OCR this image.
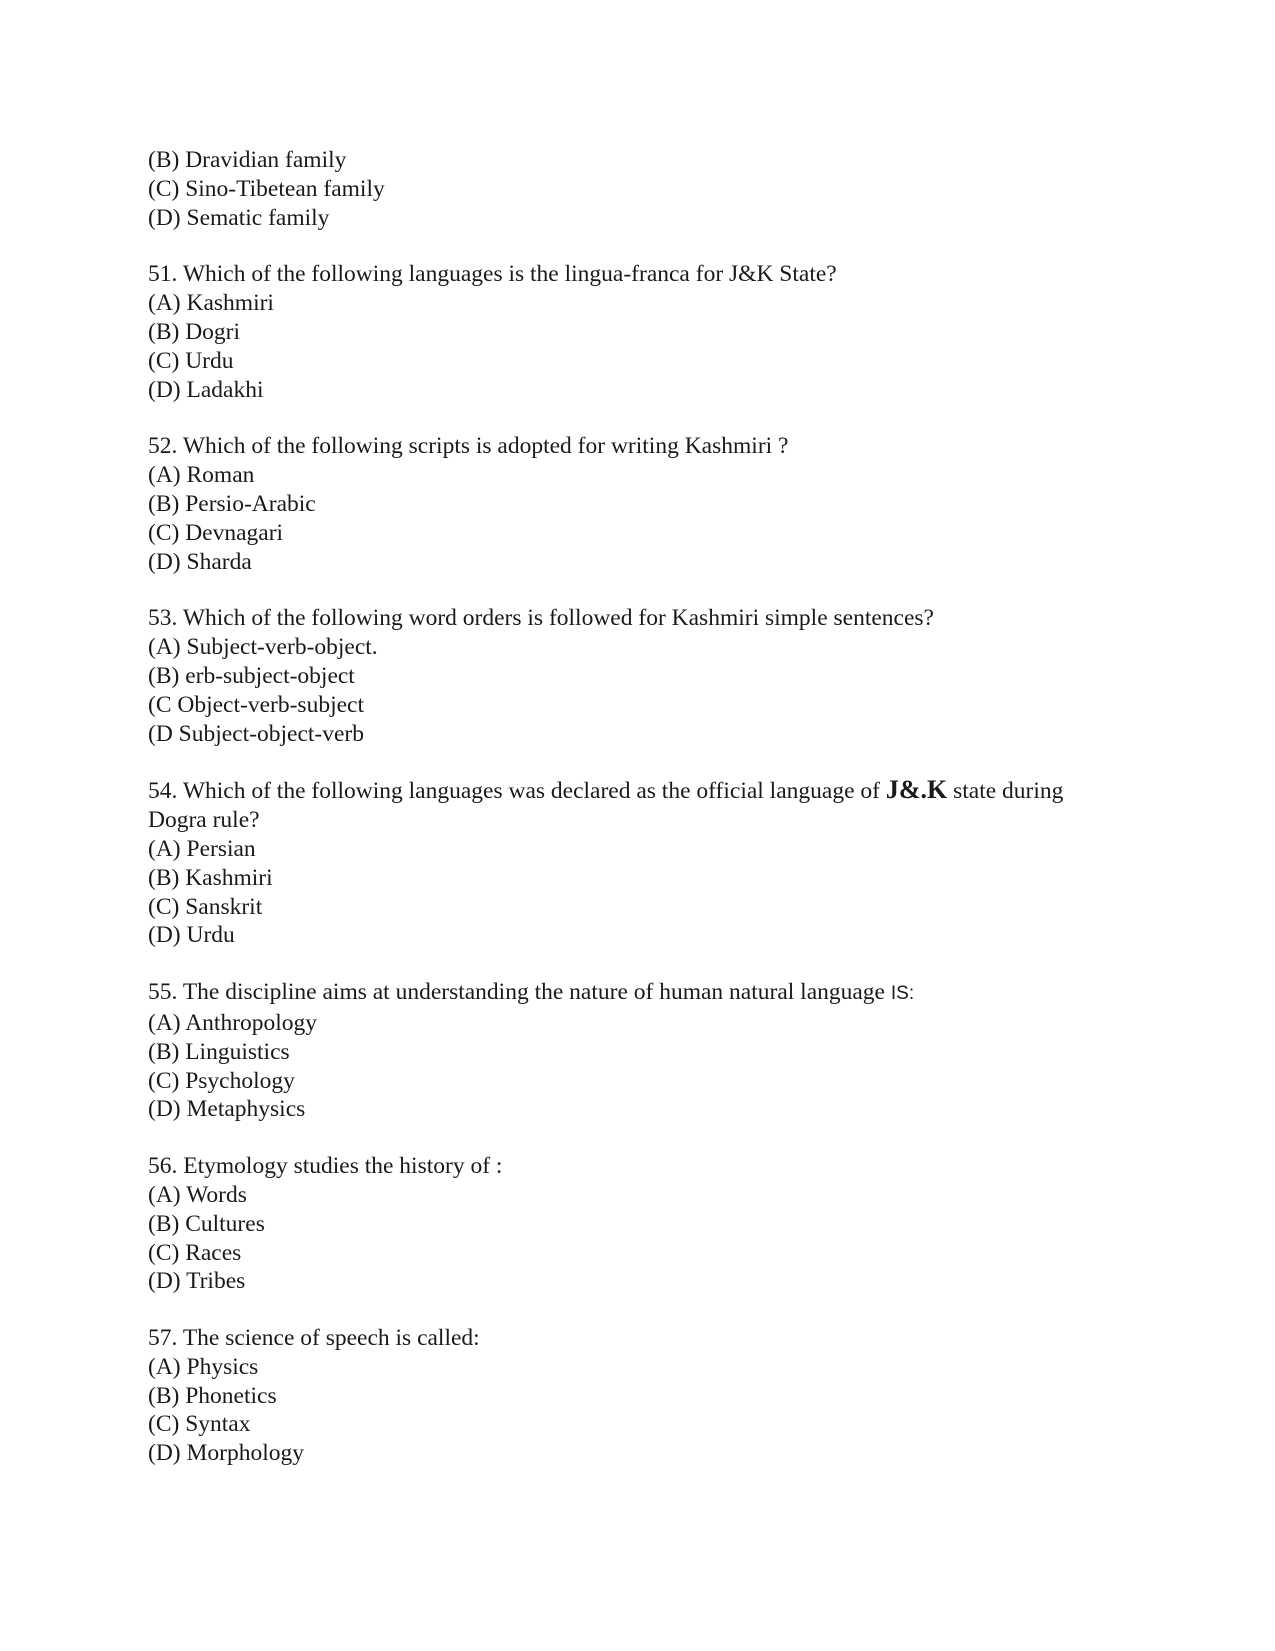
(B) Dravidian family

(C) Sino-Tibetean family

(D) Sematic family

51. Which of the following languages is the lingua-franca for J&K State?

(A) Kashmiri

(B) Dogri

(C) Urdu

(D) Ladakhi

52. Which of the following scripts is adopted for writing Kashmiri ?

(A) Roman

(B) Persio-Arabic

(C) Devnagari

(D) Sharda

53. Which of the following word orders is followed for Kashmiri simple sentences?

(A) Subject-verb-object.

(B) erb-subject-object

(C Object-verb-subject

(D Subject-object-verb

54. Which of the following languages was declared as the official language of J&.K state during

Dogra rule?

(A) Persian

(B) Kashmiri

(C) Sanskrit

(D) Urdu

55. The discipline aims at understanding the nature of human natural language IS:

(A) Anthropology

(B) Linguistics

(C) Psychology

(D) Metaphysics

56. Etymology studies the history of :

(A) Words

(B) Cultures

(C) Races

(D) Tribes

57. The science of speech is called:

(A) Physics

(B) Phonetics

(C) Syntax

(D) Morphology
